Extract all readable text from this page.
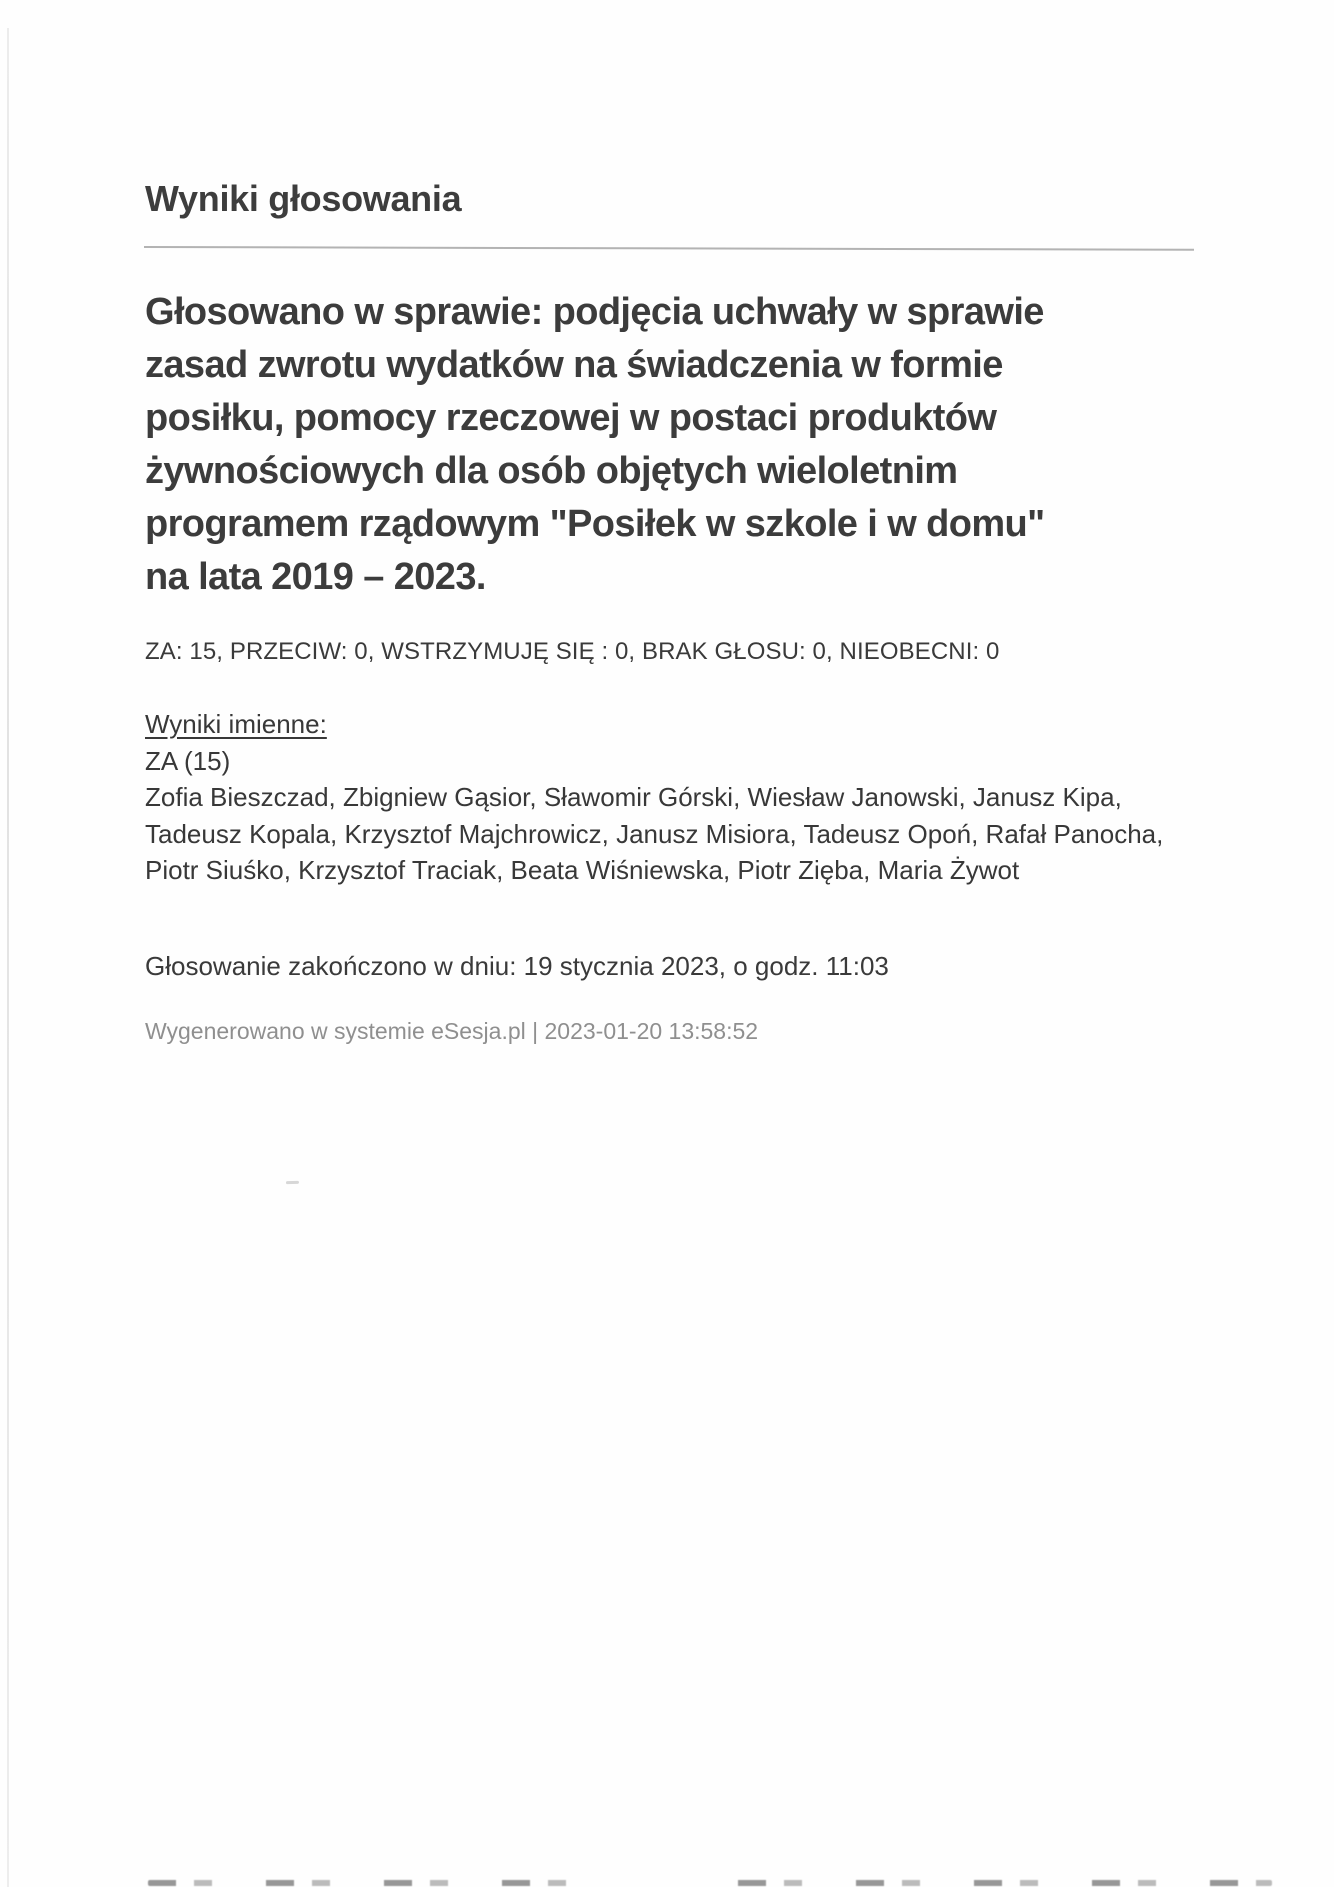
Wyniki głosowania
Głosowano w sprawie: podjęcia uchwały w sprawie
zasad zwrotu wydatków na świadczenia w formie
posiłku, pomocy rzeczowej w postaci produktów
żywnościowych dla osób objętych wieloletnim
programem rządowym "Posiłek w szkole i w domu"
na lata 2019 – 2023.
ZA: 15, PRZECIW: 0, WSTRZYMUJĘ SIĘ : 0, BRAK GŁOSU: 0, NIEOBECNI: 0
Wyniki imienne:
ZA (15)
Zofia Bieszczad, Zbigniew Gąsior, Sławomir Górski, Wiesław Janowski, Janusz Kipa,
Tadeusz Kopala, Krzysztof Majchrowicz, Janusz Misiora, Tadeusz Opoń, Rafał Panocha,
Piotr Siuśko, Krzysztof Traciak, Beata Wiśniewska, Piotr Zięba, Maria Żywot
Głosowanie zakończono w dniu: 19 stycznia 2023, o godz. 11:03
Wygenerowano w systemie eSesja.pl | 2023-01-20 13:58:52
